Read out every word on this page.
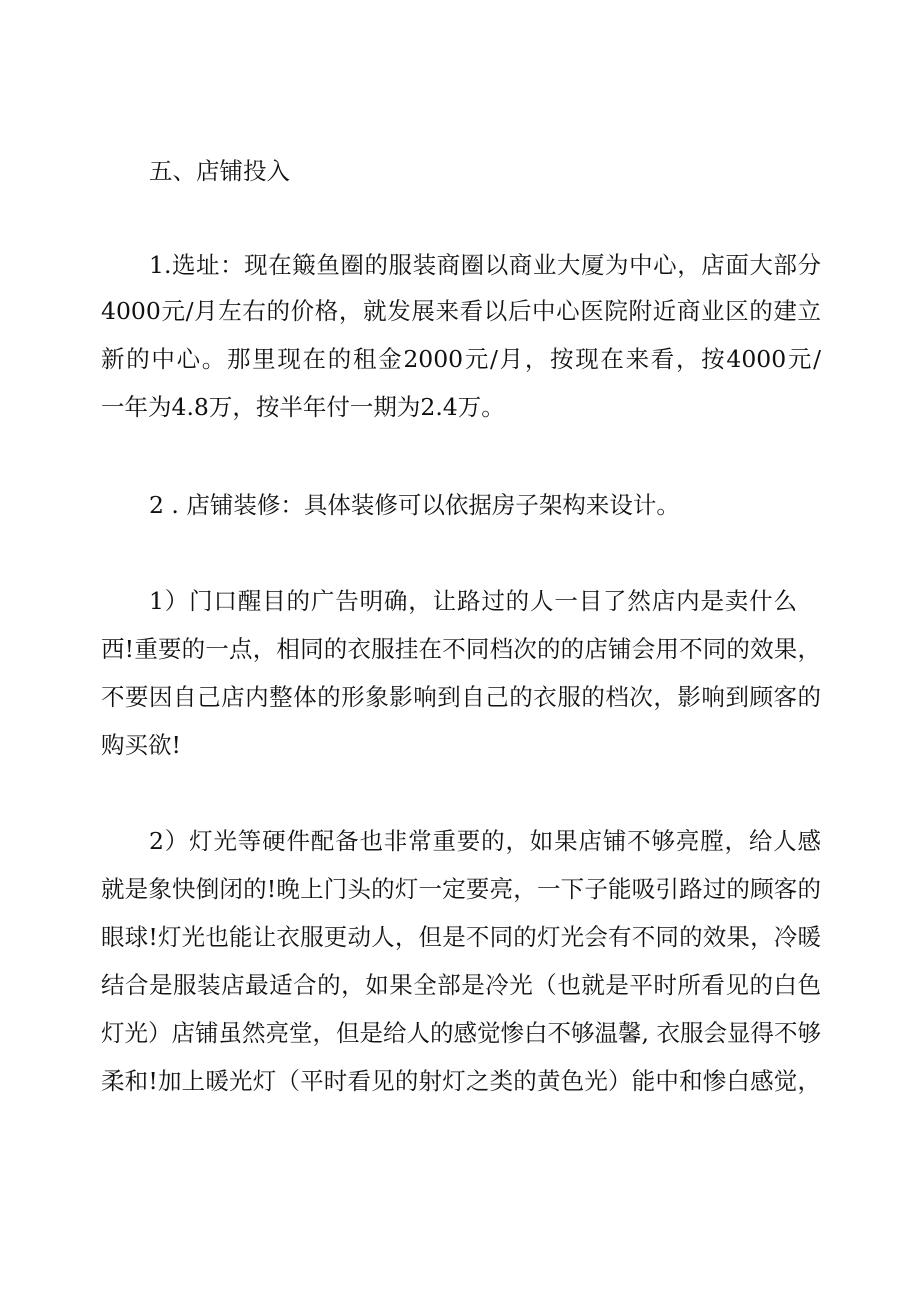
五、店铺投入

1.选址：现在簸鱼圈的服装商圈以商业大厦为中心，店面大部分

4000元/月左右的价格，就发展来看以后中心医院附近商业区的建立

新的中心。那里现在的租金2000元/月，按现在来看，按4000元/

一年为4.8万，按半年付一期为2.4万。

2 . 店铺装修：具体装修可以依据房子架构来设计。

1）门口醒目的广告明确，让路过的人一目了然店内是卖什么

西!重要的一点，相同的衣服挂在不同档次的的店铺会用不同的效果，

不要因自己店内整体的形象影响到自己的衣服的档次，影响到顾客的

购买欲!

2）灯光等硬件配备也非常重要的，如果店铺不够亮膛，给人感

就是象快倒闭的!晚上门头的灯一定要亮，一下子能吸引路过的顾客的

眼球!灯光也能让衣服更动人，但是不同的灯光会有不同的效果，冷暖

结合是服装店最适合的，如果全部是冷光（也就是平时所看见的白色

灯光）店铺虽然亮堂，但是给人的感觉惨白不够温馨, 衣服会显得不够

柔和!加上暖光灯（平时看见的射灯之类的黄色光）能中和惨白感觉，
